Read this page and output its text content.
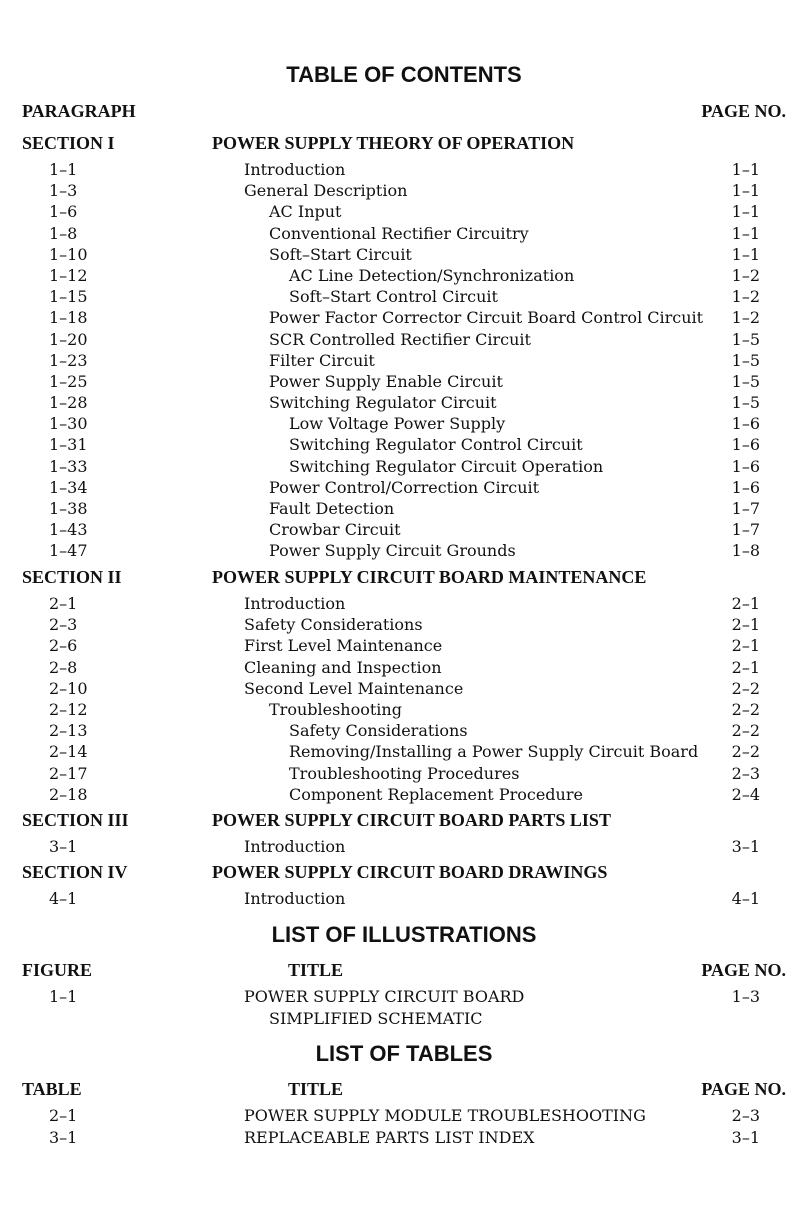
TABLE OF CONTENTS
PARAGRAPH	PAGE NO.
SECTION I	POWER SUPPLY THEORY OF OPERATION
1–1	Introduction	1–1
1–3	General Description	1–1
1–6	AC Input	1–1
1–8	Conventional Rectifier Circuitry	1–1
1–10	Soft–Start Circuit	1–1
1–12	AC Line Detection/Synchronization	1–2
1–15	Soft–Start Control Circuit	1–2
1–18	Power Factor Corrector Circuit Board Control Circuit 1–2
1–20	SCR Controlled Rectifier Circuit	1–5
1–23	Filter Circuit	1–5
1–25	Power Supply Enable Circuit	1–5
1–28	Switching Regulator Circuit	1–5
1–30	Low Voltage Power Supply	1–6
1–31	Switching Regulator Control Circuit	1–6
1–33	Switching Regulator Circuit Operation	1–6
1–34	Power Control/Correction Circuit	1–6
1–38	Fault Detection	1–7
1–43	Crowbar Circuit	1–7
1–47	Power Supply Circuit Grounds	1–8
SECTION II	POWER SUPPLY CIRCUIT BOARD MAINTENANCE
2–1	Introduction	2–1
2–3	Safety Considerations	2–1
2–6	First Level Maintenance	2–1
2–8	Cleaning and Inspection	2–1
2–10	Second Level Maintenance	2–2
2–12	Troubleshooting	2–2
2–13	Safety Considerations	2–2
2–14	Removing/Installing a Power Supply Circuit Board 2–2
2–17	Troubleshooting Procedures	2–3
2–18	Component Replacement Procedure	2–4
SECTION III	POWER SUPPLY CIRCUIT BOARD PARTS LIST
3–1	Introduction	3–1
SECTION IV	POWER SUPPLY CIRCUIT BOARD DRAWINGS
4–1	Introduction	4–1
LIST OF ILLUSTRATIONS
FIGURE	TITLE	PAGE NO.
1–1	POWER SUPPLY CIRCUIT BOARD	1–3
SIMPLIFIED SCHEMATIC
LIST OF TABLES
TABLE	TITLE	PAGE NO.
2–1	POWER SUPPLY MODULE TROUBLESHOOTING	2–3
3–1	REPLACEABLE PARTS LIST INDEX	3–1
